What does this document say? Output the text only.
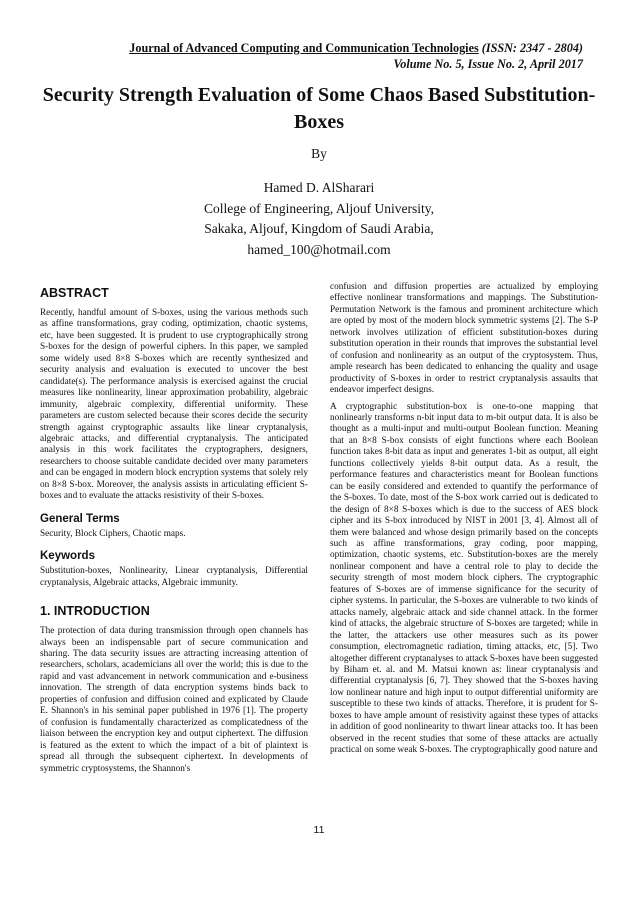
Journal of Advanced Computing and Communication Technologies (ISSN: 2347 - 2804)
Volume No. 5, Issue No. 2, April 2017
Security Strength Evaluation of Some Chaos Based Substitution-Boxes
By
Hamed D. AlSharari
College of Engineering, Aljouf University,
Sakaka, Aljouf, Kingdom of Saudi Arabia,
hamed_100@hotmail.com
ABSTRACT

Recently, handful amount of S-boxes, using the various methods such as affine transformations, gray coding, optimization, chaotic systems, etc, have been suggested. It is prudent to use cryptographically strong S-boxes for the design of powerful ciphers. In this paper, we sampled some widely used 8×8 S-boxes which are recently synthesized and security analysis and evaluation is executed to uncover the best candidate(s). The performance analysis is exercised against the crucial measures like nonlinearity, linear approximation probability, algebraic immunity, algebraic complexity, differential uniformity. These parameters are custom selected because their scores decide the security strength against cryptographic assaults like linear cryptanalysis, algebraic attacks, and differential cryptanalysis. The anticipated analysis in this work facilitates the cryptographers, designers, researchers to choose suitable candidate decided over many parameters and can be engaged in modern block encryption systems that solely rely on 8×8 S-box. Moreover, the analysis assists in articulating efficient S-boxes and to evaluate the attacks resistivity of their S-boxes.

General Terms

Security, Block Ciphers, Chaotic maps.

Keywords

Substitution-boxes, Nonlinearity, Linear cryptanalysis, Differential cryptanalysis, Algebraic attacks, Algebraic immunity.

1. INTRODUCTION

The protection of data during transmission through open channels has always been an indispensable part of secure communication and sharing. The data security issues are attracting increasing attention of researchers, scholars, academicians all over the world; this is due to the rapid and vast advancement in network communication and e-business innovation. The strength of data encryption systems binds back to properties of confusion and diffusion coined and explicated by Claude E. Shannon's in his seminal paper published in 1976 [1]. The property of confusion is fundamentally characterized as complicatedness of the liaison between the encryption key and output ciphertext. The diffusion is featured as the extent to which the impact of a bit of plaintext is spread all through the subsequent ciphertext. In developments of symmetric cryptosystems, the Shannon's

confusion and diffusion properties are actualized by employing effective nonlinear transformations and mappings. The Substitution-Permutation Network is the famous and prominent architecture which are opted by most of the modern block symmetric systems [2]. The S-P network involves utilization of efficient substitution-boxes during substitution operation in their rounds that improves the substantial level of confusion and nonlinearity as an output of the cryptosystem. Thus, ample research has been dedicated to enhancing the quality and usage productivity of S-boxes in order to restrict cryptanalysis assaults that endeavor imperfect designs.

A cryptographic substitution-box is one-to-one mapping that nonlinearly transforms n-bit input data to m-bit output data. It is also be thought as a multi-input and multi-output Boolean function. Meaning that an 8×8 S-box consists of eight functions where each Boolean function takes 8-bit data as input and generates 1-bit as output, all eight functions collectively yields 8-bit output data. As a result, the performance features and characteristics meant for Boolean functions can be easily considered and extended to quantify the performance of the S-boxes. To date, most of the S-box work carried out is dedicated to the design of 8×8 S-boxes which is due to the success of AES block cipher and its S-box introduced by NIST in 2001 [3, 4]. Almost all of them were balanced and whose design primarily based on the concepts such as affine transformations, gray coding, poor mapping, optimization, chaotic systems, etc. Substitution-boxes are the merely nonlinear component and have a central role to play to decide the security strength of most modern block ciphers. The cryptographic features of S-boxes are of immense significance for the security of cipher systems. In particular, the S-boxes are vulnerable to two kinds of attacks namely, algebraic attack and side channel attack. In the former kind of attacks, the algebraic structure of S-boxes are targeted; while in the latter, the attackers use other measures such as its power consumption, electromagnetic radiation, timing attacks, etc, [5]. Two altogether different cryptanalyses to attack S-boxes have been suggested by Biham et. al. and M. Matsui known as: linear cryptanalysis and differential cryptanalysis [6, 7]. They showed that the S-boxes having low nonlinear nature and high input to output differential uniformity are susceptible to these two kinds of attacks. Therefore, it is prudent for S-boxes to have ample amount of resistivity against these types of attacks in addition of good nonlinearity to thwart linear attacks too. It has been observed in the recent studies that some of these attacks are actually practical on some weak S-boxes. The cryptographically good nature and

11
